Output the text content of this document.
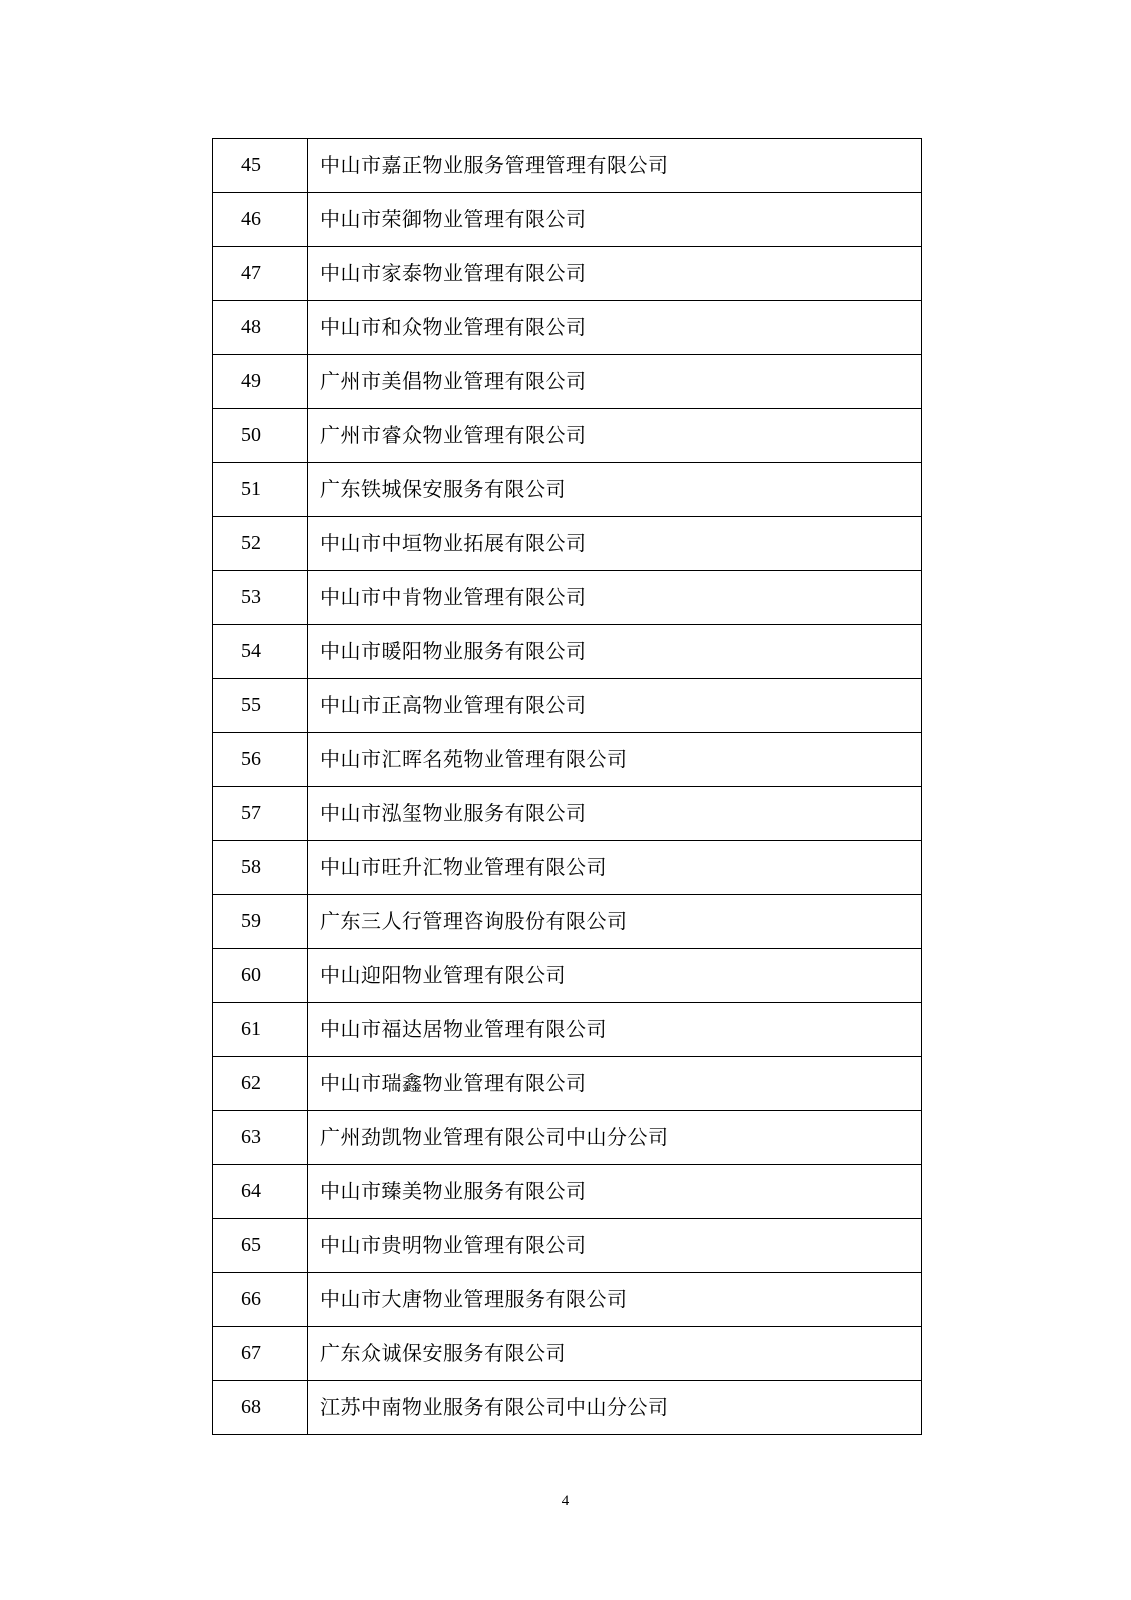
45	中山市嘉正物业服务管理管理有限公司
46	中山市荣御物业管理有限公司
47	中山市家泰物业管理有限公司
48	中山市和众物业管理有限公司
49	广州市美倡物业管理有限公司
50	广州市睿众物业管理有限公司
51	广东铁城保安服务有限公司
52	中山市中垣物业拓展有限公司
53	中山市中肯物业管理有限公司
54	中山市暖阳物业服务有限公司
55	中山市正高物业管理有限公司
56	中山市汇晖名苑物业管理有限公司
57	中山市泓玺物业服务有限公司
58	中山市旺升汇物业管理有限公司
59	广东三人行管理咨询股份有限公司
60	中山迎阳物业管理有限公司
61	中山市福达居物业管理有限公司
62	中山市瑞鑫物业管理有限公司
63	广州劲凯物业管理有限公司中山分公司
64	中山市臻美物业服务有限公司
65	中山市贵明物业管理有限公司
66	中山市大唐物业管理服务有限公司
67	广东众诚保安服务有限公司
68	江苏中南物业服务有限公司中山分公司
4
